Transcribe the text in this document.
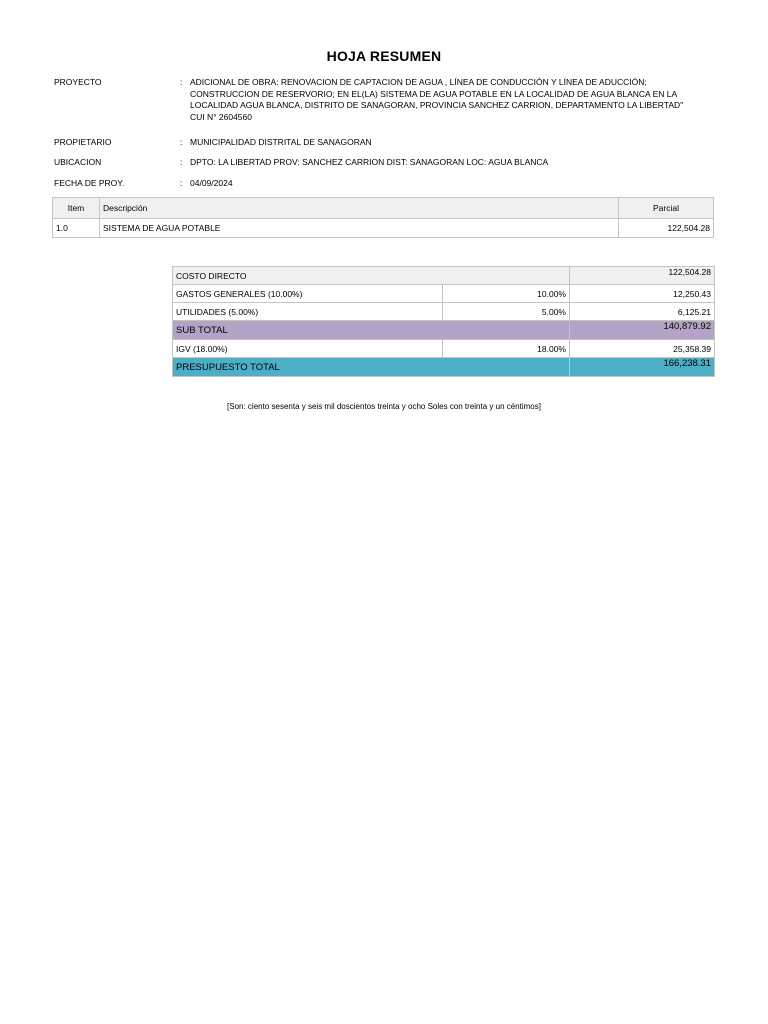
HOJA RESUMEN
PROYECTO	: ADICIONAL DE OBRA: RENOVACION DE CAPTACION DE AGUA , LÍNEA DE CONDUCCIÓN Y LÍNEA DE ADUCCIÓN;
CONSTRUCCION DE RESERVORIO; EN EL(LA) SISTEMA DE AGUA POTABLE EN LA LOCALIDAD DE AGUA BLANCA EN LA
LOCALIDAD AGUA BLANCA, DISTRITO DE SANAGORAN, PROVINCIA SANCHEZ CARRION, DEPARTAMENTO LA LIBERTAD"
CUI N° 2604560
PROPIETARIO	: MUNICIPALIDAD DISTRITAL DE SANAGORAN
UBICACION	: DPTO: LA LIBERTAD PROV: SANCHEZ CARRION DIST: SANAGORAN LOC: AGUA BLANCA
FECHA DE PROY.	: 04/09/2024
Item	Descripción	Parcial
1.0	SISTEMA DE AGUA POTABLE	122,504.28
COSTO DIRECTO		122,504.28
GASTOS GENERALES (10.00%)	10.00%	12,250.43
UTILIDADES (5.00%)	5.00%	6,125.21
SUB TOTAL		140,879.92
IGV (18.00%)	18.00%	25,358.39
PRESUPUESTO TOTAL		166,238.31
[Son: ciento sesenta y seis mil doscientos treinta y ocho Soles con treinta y un céntimos]
